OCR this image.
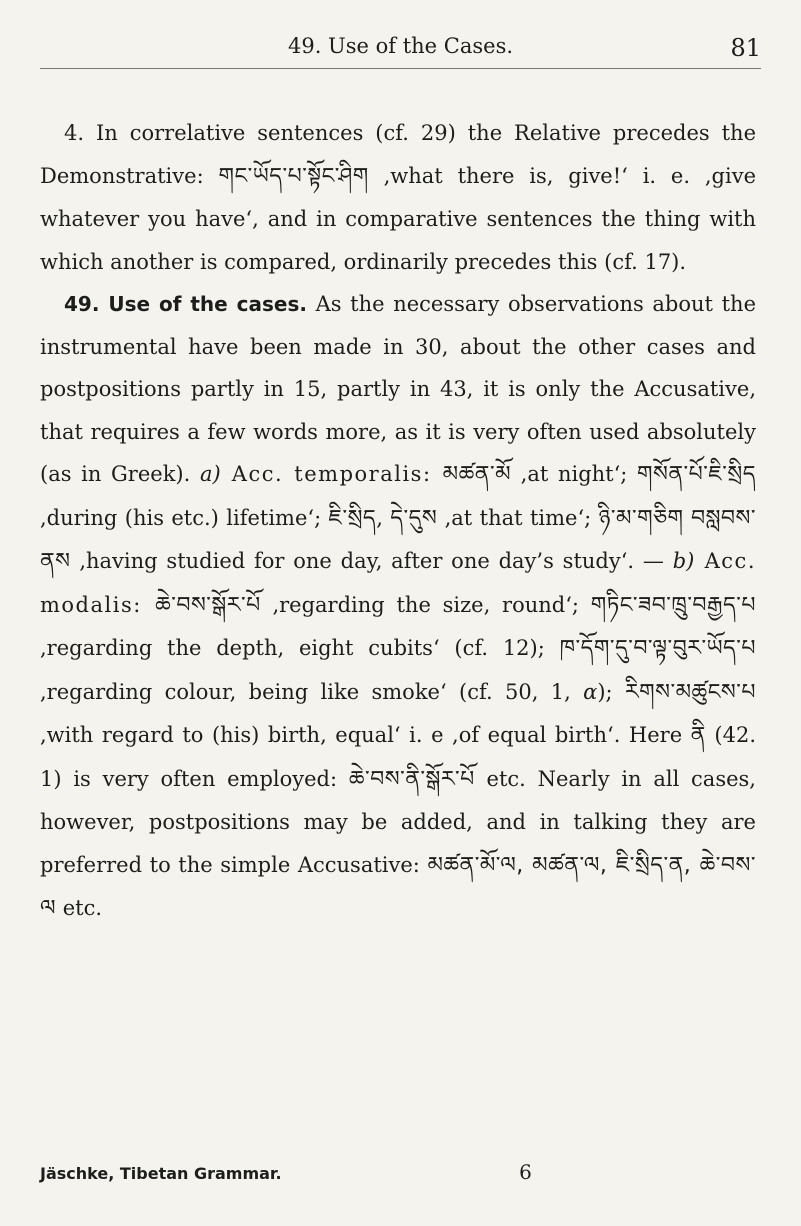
49. Use of the Cases.	81

4. In correlative sentences (cf. 29) the Relative precedes the Demonstrative: གང་ཡོད་པ་སྟོང་ཤིག ,what there is, give!‘ i. e. ,give whatever you have‘, and in comparative sentences the thing with which another is compared, ordinarily precedes this (cf. 17).

49. Use of the cases. As the necessary observations about the instrumental have been made in 30, about the other cases and postpositions partly in 15, partly in 43, it is only the Accusative, that requires a few words more, as it is very often used absolutely (as in Greek). a) Acc. temporalis: མཚན་མོ ,at night‘; གསོན་པོ་ཇི་སྲིད ,during (his etc.) lifetime‘; ཇི་སྲིད, དེ་དུས ,at that time‘; ཉི་མ་གཅིག བསླབས་ནས ,having studied for one day, after one day’s study‘. — b) Acc. modalis: ཆེ་བས་སྒོར་པོ ,regarding the size, round‘; གཏིང་ཟབ་ཁྲུ་བརྒྱད་པ ,regarding the depth, eight cubits‘ (cf. 12); ཁ་དོག་དུ་བ་ལྟ་བུར་ཡོད་པ ,regarding colour, being like smoke‘ (cf. 50, 1, α); རིགས་མཚུངས་པ ,with regard to (his) birth, equal‘ i. e ,of equal birth‘. Here ནི (42. 1) is very often employed: ཆེ་བས་ནི་སྒོར་པོ etc. Nearly in all cases, however, postpositions may be added, and in talking they are preferred to the simple Accusative: མཚན་མོ་ལ, མཚན་ལ, ཇི་སྲིད་ན, ཆེ་བས་ལ etc.

Jäschke, Tibetan Grammar.	6
